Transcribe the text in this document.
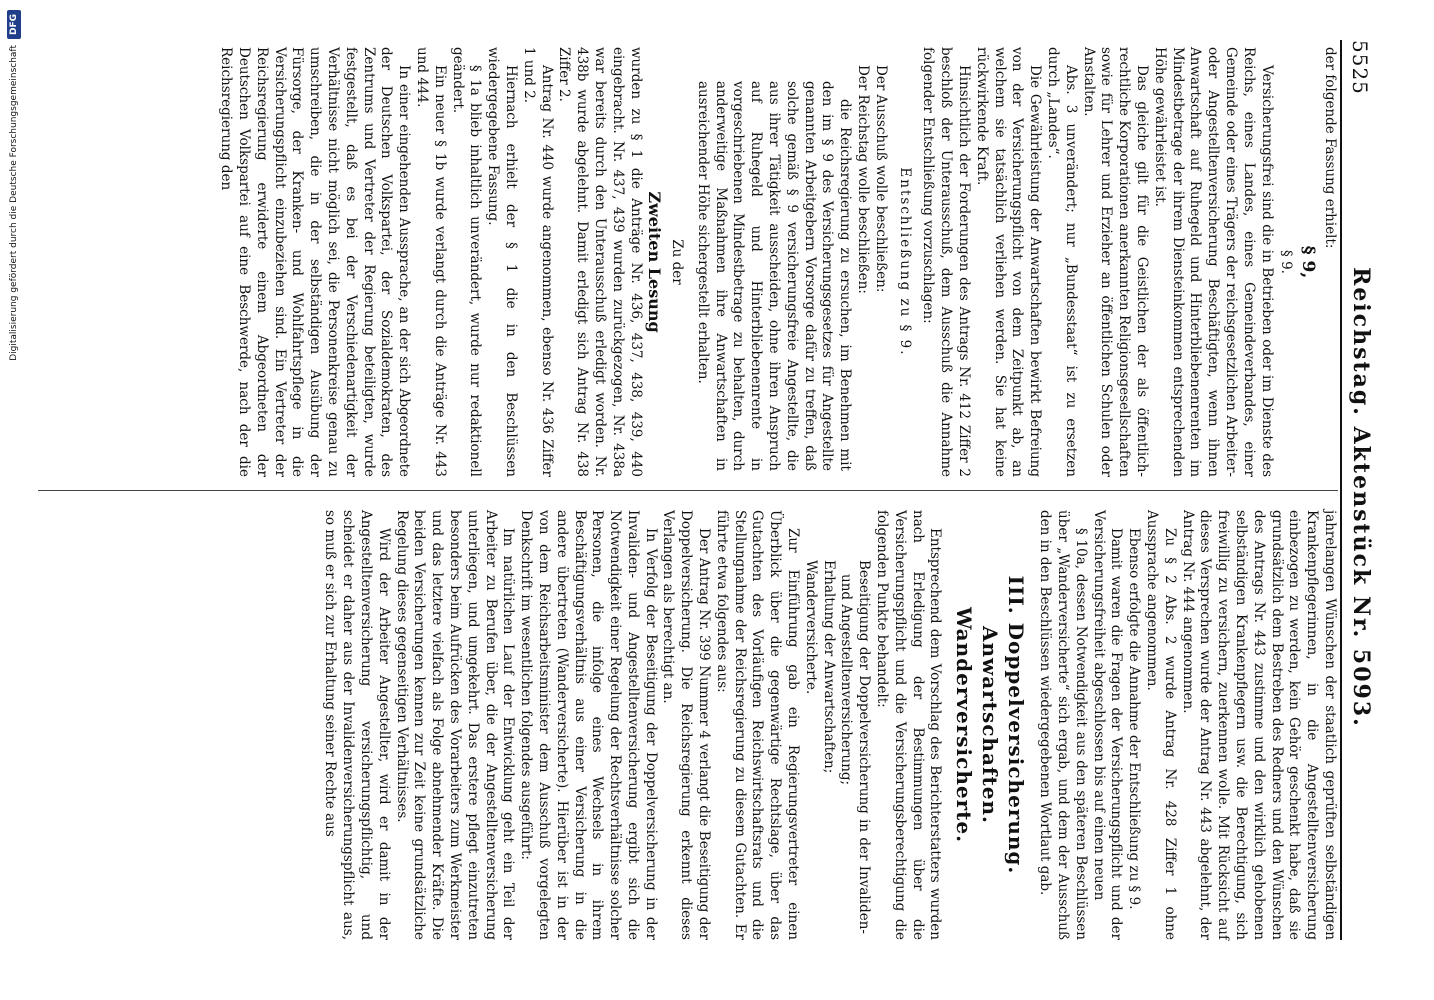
5525
Reichstag. Aktenstück Nr. 5093.

der folgende Fassung erhielt:

§ 9,
§ 9.

Versicherungsfrei sind die in Betrieben oder im Dienste des Reichs, eines Landes, eines Gemeindeverbandes, einer Gemeinde oder eines Trägers der reichsgesetzlichen Arbeiter- oder Angestelltenversicherung Beschäftigten, wenn ihnen Anwartschaft auf Ruhegeld und Hinterbliebenenrenten im Mindestbetrage der ihrem Diensteinkommen entsprechenden Höhe gewährleistet ist.

Das gleiche gilt für die Geistlichen der als öffentlich-rechtliche Korporationen anerkannten Religionsgesellschaften sowie für Lehrer und Erzieher an öffentlichen Schulen oder Anstalten.

Abs. 3 unverändert; nur „Bundesstaat“ ist zu ersetzen durch „Landes“.

Die Gewährleistung der Anwartschaften bewirkt Befreiung von der Versicherungspflicht von dem Zeitpunkt ab, an welchem sie tatsächlich verliehen werden. Sie hat keine rückwirkende Kraft.

Hinsichtlich der Forderungen des Antrags Nr. 412 Ziffer 2 beschloß der Unterausschuß, dem Ausschuß die Annahme folgender Entschließung vorzuschlagen:

Entschließung zu § 9.

Der Ausschuß wolle beschließen:

Der Reichstag wolle beschließen:

die Reichsregierung zu ersuchen, im Benehmen mit den im § 9 des Versicherungsgesetzes für Angestellte genannten Arbeitgebern Vorsorge dafür zu treffen, daß solche gemäß § 9 versicherungsfreie Angestellte, die aus ihrer Tätigkeit ausscheiden, ohne ihren Anspruch auf Ruhegeld und Hinterbliebenenrente in vorgeschriebenen Mindestbetrage zu behalten, durch anderweitige Maßnahmen ihre Anwartschaften in ausreichender Höhe sichergestellt erhalten.

Zu der
Zweiten Lesung

wurden zu § 1 die Anträge Nr. 436, 437, 438, 439, 440 eingebracht. Nr. 437, 439 wurden zurückgezogen, Nr. 438a war bereits durch den Unterausschuß erledigt worden. Nr. 438b wurde abgelehnt. Damit erledigt sich Antrag Nr. 438 Ziffer 2.

Antrag Nr. 440 wurde angenommen, ebenso Nr. 436 Ziffer 1 und 2.

Hiernach erhielt der § 1 die in den Beschlüssen wiedergegebene Fassung.

§ 1a blieb inhaltlich unverändert, wurde nur redaktionell geändert.

Ein neuer § 1b wurde verlangt durch die Anträge Nr. 443 und 444.

In einer eingehenden Aussprache, an der sich Abgeordnete der Deutschen Volkspartei, der Sozialdemokraten, des Zentrums und Vertreter der Regierung beteiligten, wurde festgestellt, daß es bei der Verschiedenartigkeit der Verhältnisse nicht möglich sei, die Personenkreise genau zu umschreiben, die in der selbständigen Ausübung der Fürsorge, der Kranken- und Wohlfahrtspflege in die Versicherungspflicht einzubeziehen sind. Ein Vertreter der Reichsregierung erwiderte einem Abgeordneten der Deutschen Volkspartei auf eine Beschwerde, nach der die Reichsregierung den

jahrelangen Wünschen der staatlich geprüften selbständigen Krankenpflegerinnen, in die Angestelltenversicherung einbezogen zu werden, kein Gehör geschenkt habe, daß sie grundsätzlich dem Bestreben des Redners und den Wünschen des Antrags Nr. 443 zustimme und den wirklich gehobenen selbständigen Krankenpflegern usw. die Berechtigung, sich freiwillig zu versichern, zuerkennen wolle. Mit Rücksicht auf dieses Versprechen wurde der Antrag Nr. 443 abgelehnt, der Antrag Nr. 444 angenommen.

Zu § 2 Abs. 2 wurde Antrag Nr. 428 Ziffer 1 ohne Aussprache angenommen.

Ebenso erfolgte die Annahme der Entschließung zu § 9.

Damit waren die Fragen der Versicherungspflicht und der Versicherungsfreiheit abgeschlossen bis auf einen neuen

§ 10a, dessen Notwendigkeit aus den späteren Beschlüssen über „Wanderversicherte“ sich ergab, und dem der Ausschuß den in den Beschlüssen wiedergegebenen Wortlaut gab.

III. Doppelversicherung. Anwartschaften. Wanderversicherte.

Entsprechend dem Vorschlag des Berichterstatters wurden nach Erledigung der Bestimmungen über die Versicherungspflicht und die Versicherungsberechtigung die folgenden Punkte behandelt:

Beseitigung der Doppelversicherung in der Invaliden- und Angestelltenversicherung;

Erhaltung der Anwartschaften;

Wanderversicherte.

Zur Einführung gab ein Regierungsvertreter einen Überblick über die gegenwärtige Rechtslage, über das Gutachten des Vorläufigen Reichswirtschaftsrats und die Stellungnahme der Reichsregierung zu diesem Gutachten. Er führte etwa folgendes aus:

Der Antrag Nr. 399 Nummer 4 verlangt die Beseitigung der Doppelversicherung. Die Reichsregierung erkennt dieses Verlangen als berechtigt an.

In Verfolg der Beseitigung der Doppelversicherung in der Invaliden- und Angestelltenversicherung ergibt sich die Notwendigkeit einer Regelung der Rechtsverhältnisse solcher Personen, die infolge eines Wechsels in ihrem Beschäftigungsverhältnis aus einer Versicherung in die andere übertreten (Wanderversicherte). Hierüber ist in der von dem Reichsarbeitsminister dem Ausschuß vorgelegten Denkschrift im wesentlichen folgendes ausgeführt:

Im natürlichen Lauf der Entwicklung geht ein Teil der Arbeiter zu Berufen über, die der Angestelltenversicherung unterliegen, und umgekehrt. Das erstere pflegt einzutreten besonders beim Aufrücken des Vorarbeiters zum Werkmeister und das letztere vielfach als Folge abnehmender Kräfte. Die beiden Versicherungen kennen zur Zeit keine grundsätzliche Regelung dieses gegenseitigen Verhältnisses.

Wird der Arbeiter Angestellter, wird er damit in der Angestelltenversicherung versicherungspflichtig, und scheidet er daher aus der Invalidenversicherungspflicht aus, so muß er sich zur Erhaltung seiner Rechte aus

Digitalisierung gefördert durch die Deutsche Forschungsgemeinschaft
DFG
